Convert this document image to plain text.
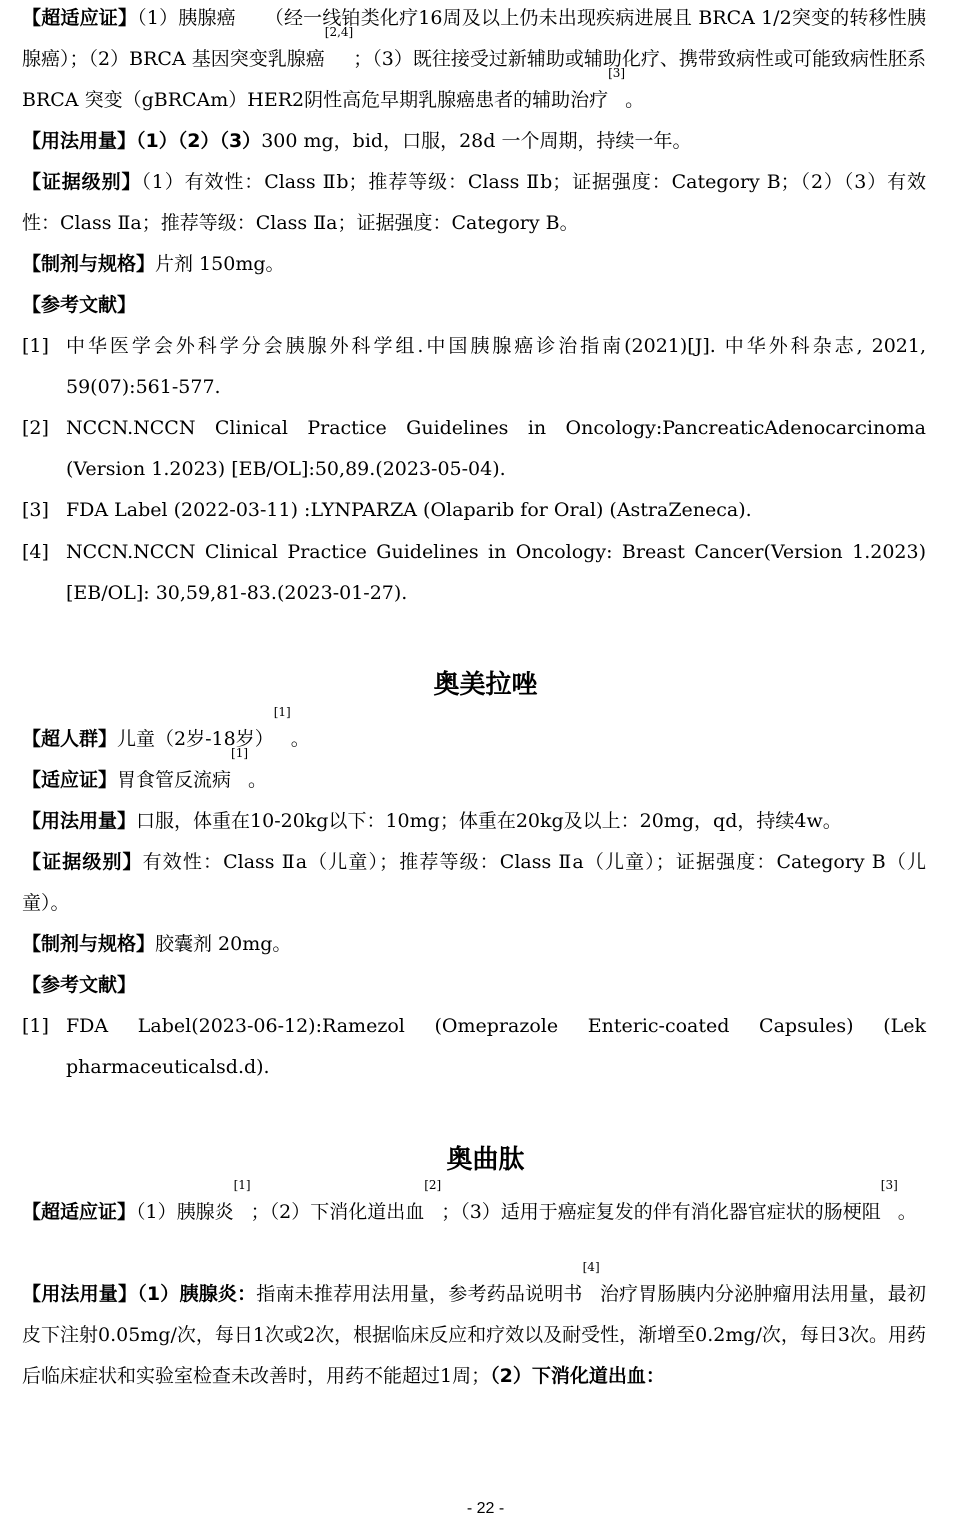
【超适应证】（1）胰腺癌 （经一线铂类化疗16周及以上仍未出现疾病进展且 BRCA 1/2突变的转移性胰腺癌）；（2）BRCA 基因突变乳腺癌[2,4]；（3）既往接受过新辅助或辅助化疗、携带致病性或可能致病性胚系 BRCA 突变（gBRCAm）HER2阴性高危早期乳腺癌患者的辅助治疗[3]。

【用法用量】（1）（2）（3）300 mg，bid，口服，28d 一个周期，持续一年。

【证据级别】（1）有效性：Class Ⅱb；推荐等级：Class Ⅱb；证据强度：Category B；（2）（3）有效性：Class Ⅱa；推荐等级：Class Ⅱa；证据强度：Category B。

【制剂与规格】片剂 150mg。

【参考文献】

[1] 中华医学会外科学分会胰腺外科学组.中国胰腺癌诊治指南(2021)[J]. 中华外科杂志, 2021, 59(07):561-577.
[2] NCCN.NCCN Clinical Practice Guidelines in Oncology:PancreaticAdenocarcinoma (Version 1.2023) [EB/OL]:50,89.(2023-05-04).
[3] FDA Label (2022-03-11) :LYNPARZA (Olaparib for Oral) (AstraZeneca).
[4] NCCN.NCCN Clinical Practice Guidelines in Oncology: Breast Cancer(Version 1.2023) [EB/OL]: 30,59,81-83.(2023-01-27).
奥美拉唑

【超人群】儿童（2岁-18岁）[1]。

【适应证】胃食管反流病[1]。

【用法用量】口服，体重在10-20kg以下：10mg；体重在20kg及以上：20mg，qd，持续4w。

【证据级别】有效性：Class Ⅱa（儿童）；推荐等级：Class Ⅱa（儿童）；证据强度：Category B（儿童）。

【制剂与规格】胶囊剂 20mg。

【参考文献】

[1] FDA Label(2023-06-12):Ramezol (Omeprazole Enteric-coated Capsules) (Lek pharmaceuticalsd.d).
奥曲肽

【超适应证】（1）胰腺炎[1]；（2）下消化道出血[2]；（3）适用于癌症复发的伴有消化器官症状的肠梗阻[3]。

【用法用量】（1）胰腺炎：指南未推荐用法用量，参考药品说明书[4]治疗胃肠胰内分泌肿瘤用法用量，最初皮下注射0.05mg/次，每日1次或2次，根据临床反应和疗效以及耐受性，渐增至0.2mg/次，每日3次。用药后临床症状和实验室检查未改善时，用药不能超过1周；（2）下消化道出血：

- 22 -
